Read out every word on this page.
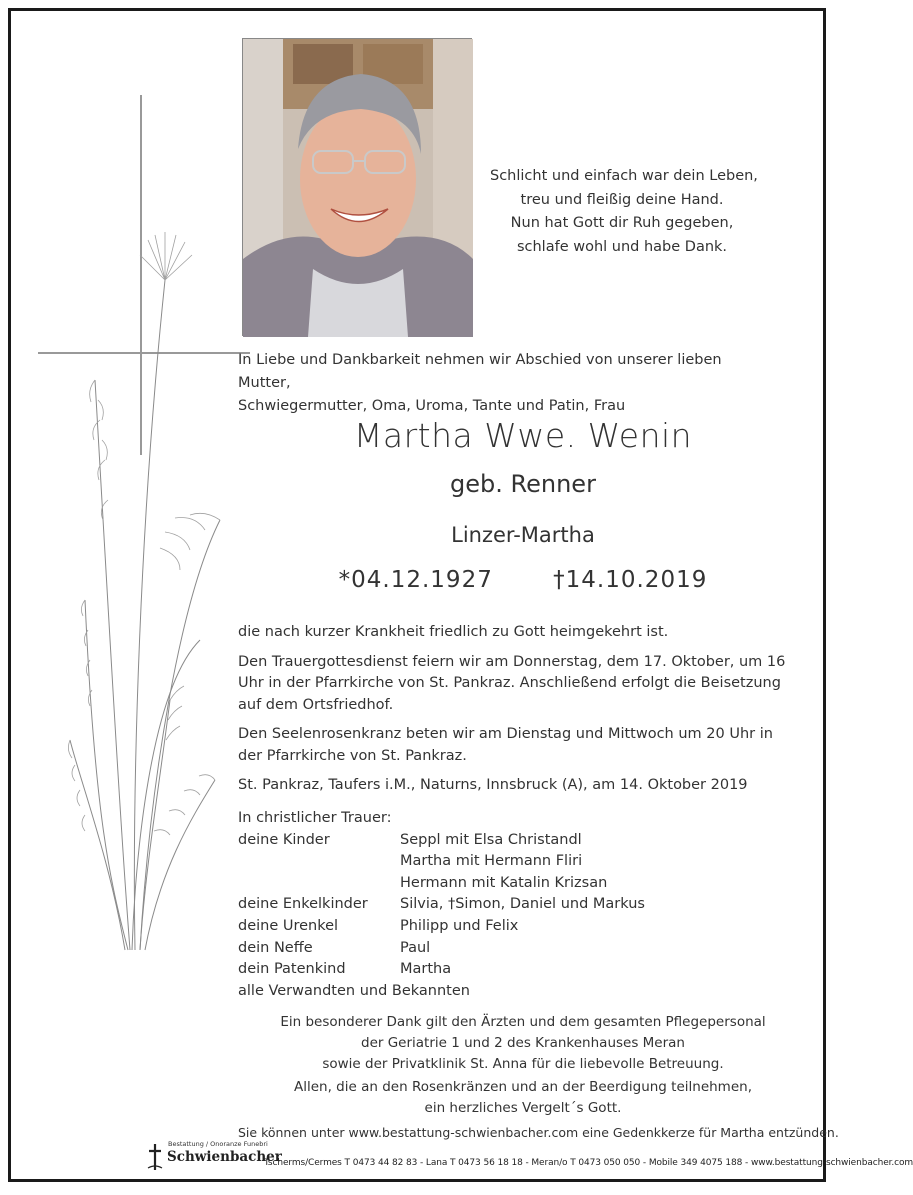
Schlicht und einfach war dein Leben,
treu und fleißig deine Hand.
Nun hat Gott dir Ruh gegeben,
schlafe wohl und habe Dank.
In Liebe und Dankbarkeit nehmen wir Abschied von unserer lieben Mutter,
Schwiegermutter, Oma, Uroma, Tante und Patin, Frau
Martha Wwe. Wenin
geb. Renner
Linzer-Martha
*04.12.1927	†14.10.2019

die nach kurzer Krankheit friedlich zu Gott heimgekehrt ist.

Den Trauergottesdienst feiern wir am Donnerstag, dem 17. Oktober, um 16 Uhr in der Pfarrkirche von St. Pankraz. Anschließend erfolgt die Beisetzung auf dem Ortsfriedhof.

Den Seelenrosenkranz beten wir am Dienstag und Mittwoch um 20 Uhr in der Pfarrkirche von St. Pankraz.

St. Pankraz, Taufers i.M., Naturns, Innsbruck (A), am 14. Oktober 2019

In christlicher Trauer:
deine Kinder	Seppl mit Elsa Christandl
Martha mit Hermann Fliri
Hermann mit Katalin Krizsan
deine Enkelkinder	Silvia, †Simon, Daniel und Markus
deine Urenkel	Philipp und Felix
dein Neffe	Paul
dein Patenkind	Martha
alle Verwandten und Bekannten
Ein besonderer Dank gilt den Ärzten und dem gesamten Pflegepersonal
der Geriatrie 1 und 2 des Krankenhauses Meran
sowie der Privatklinik St. Anna für die liebevolle Betreuung.
Allen, die an den Rosenkränzen und an der Beerdigung teilnehmen,
ein herzliches Vergelt´s Gott.
Sie können unter www.bestattung-schwienbacher.com eine Gedenkkerze für Martha entzünden.
Bestattung / Onoranze Funebri
Schwienbacher
Tscherms/Cermes T 0473 44 82 83 - Lana T 0473 56 18 18 - Meran/o T 0473 050 050 - Mobile 349 4075 188 - www.bestattung-schwienbacher.com
